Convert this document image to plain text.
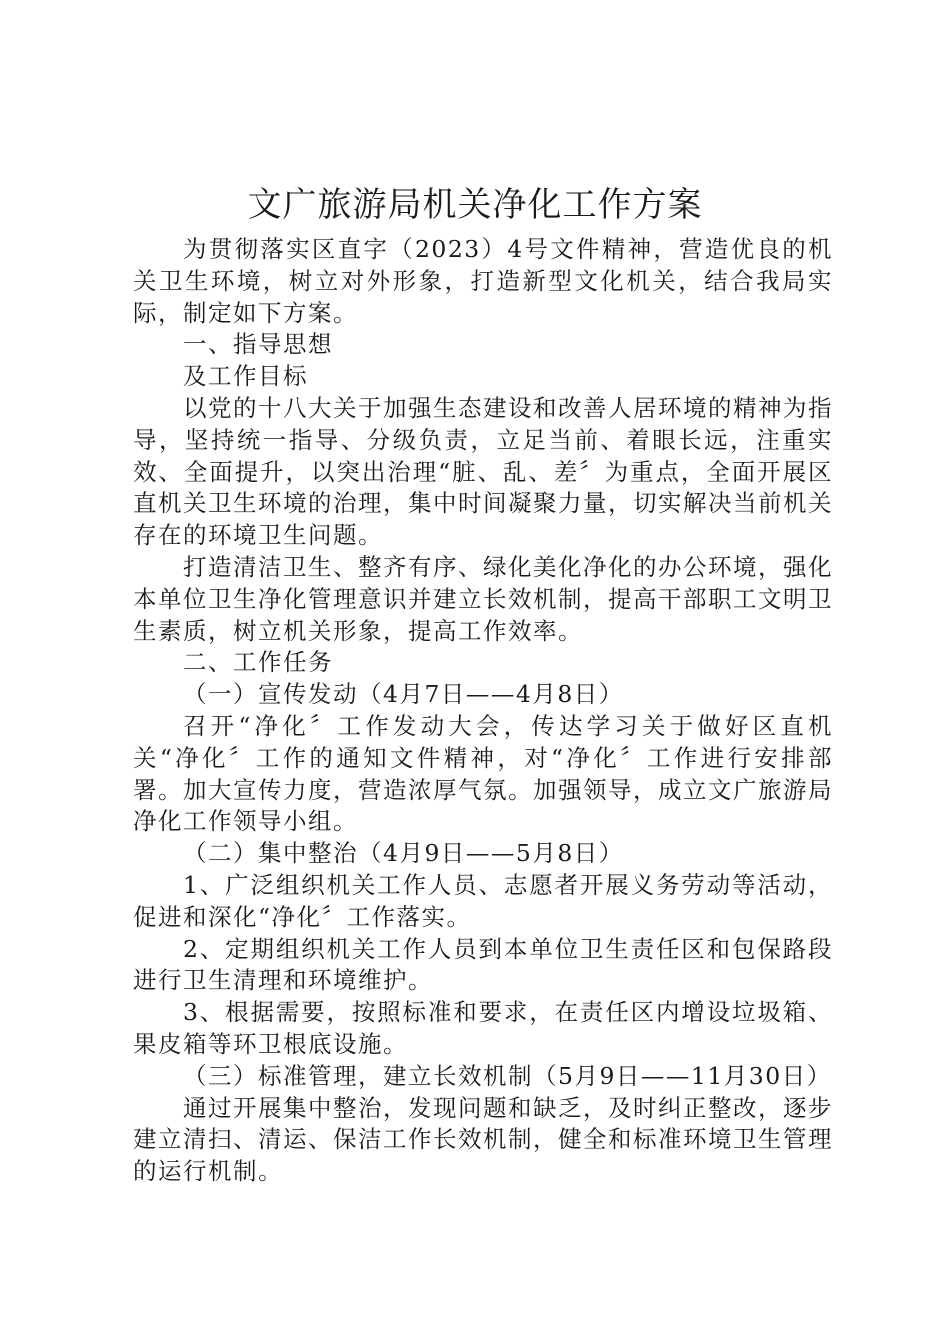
文广旅游局机关净化工作方案

为贯彻落实区直字（2023）4号文件精神，营造优良的机关卫生环境，树立对外形象，打造新型文化机关，结合我局实际，制定如下方案。

一、指导思想

及工作目标

以党的十八大关于加强生态建设和改善人居环境的精神为指导，坚持统一指导、分级负责，立足当前、着眼长远，注重实效、全面提升，以突出治理“脏、乱、差〞为重点，全面开展区直机关卫生环境的治理，集中时间凝聚力量，切实解决当前机关存在的环境卫生问题。

打造清洁卫生、整齐有序、绿化美化净化的办公环境，强化本单位卫生净化管理意识并建立长效机制，提高干部职工文明卫生素质，树立机关形象，提高工作效率。

二、工作任务

（一）宣传发动（4月7日——4月8日）

召开“净化〞工作发动大会，传达学习关于做好区直机关“净化〞工作的通知文件精神，对“净化〞工作进行安排部署。加大宣传力度，营造浓厚气氛。加强领导，成立文广旅游局净化工作领导小组。

（二）集中整治（4月9日——5月8日）

1、广泛组织机关工作人员、志愿者开展义务劳动等活动，促进和深化“净化〞工作落实。

2、定期组织机关工作人员到本单位卫生责任区和包保路段进行卫生清理和环境维护。

3、根据需要，按照标准和要求，在责任区内增设垃圾箱、果皮箱等环卫根底设施。

（三）标准管理，建立长效机制（5月9日——11月30日）

通过开展集中整治，发现问题和缺乏，及时纠正整改，逐步建立清扫、清运、保洁工作长效机制，健全和标准环境卫生管理的运行机制。
